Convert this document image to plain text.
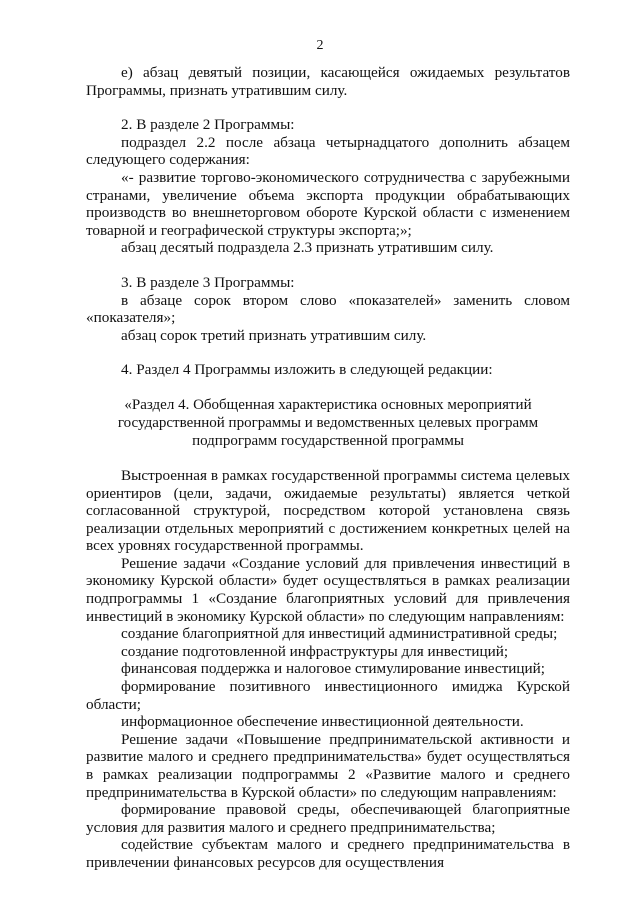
2

е) абзац девятый позиции, касающейся ожидаемых результатов Программы, признать утратившим силу.

2. В разделе 2 Программы:

подраздел 2.2 после абзаца четырнадцатого дополнить абзацем следующего содержания:

«- развитие торгово-экономического сотрудничества с зарубежными странами, увеличение объема экспорта продукции обрабатывающих производств во внешнеторговом обороте Курской области с изменением товарной и географической структуры экспорта;»;

абзац десятый подраздела 2.3 признать утратившим силу.

3. В разделе 3 Программы:

в абзаце сорок втором слово «показателей» заменить словом «показателя»;

абзац сорок третий признать утратившим силу.

4. Раздел 4 Программы изложить в следующей редакции:

«Раздел 4. Обобщенная характеристика основных мероприятий
государственной программы и ведомственных целевых программ
подпрограмм государственной программы

Выстроенная в рамках государственной программы система целевых ориентиров (цели, задачи, ожидаемые результаты) является четкой согласованной структурой, посредством которой установлена связь реализации отдельных мероприятий с достижением конкретных целей на всех уровнях государственной программы.

Решение задачи «Создание условий для привлечения инвестиций в экономику Курской области» будет осуществляться в рамках реализации подпрограммы 1 «Создание благоприятных условий для привлечения инвестиций в экономику Курской области» по следующим направлениям:

создание благоприятной для инвестиций административной среды;

создание подготовленной инфраструктуры для инвестиций;

финансовая поддержка и налоговое стимулирование инвестиций;

формирование позитивного инвестиционного имиджа Курской области;

информационное обеспечение инвестиционной деятельности.

Решение задачи «Повышение предпринимательской активности и развитие малого и среднего предпринимательства» будет осуществляться в рамках реализации подпрограммы 2 «Развитие малого и среднего предпринимательства в Курской области» по следующим направлениям:

формирование правовой среды, обеспечивающей благоприятные условия для развития малого и среднего предпринимательства;

содействие субъектам малого и среднего предпринимательства в привлечении финансовых ресурсов для осуществления
